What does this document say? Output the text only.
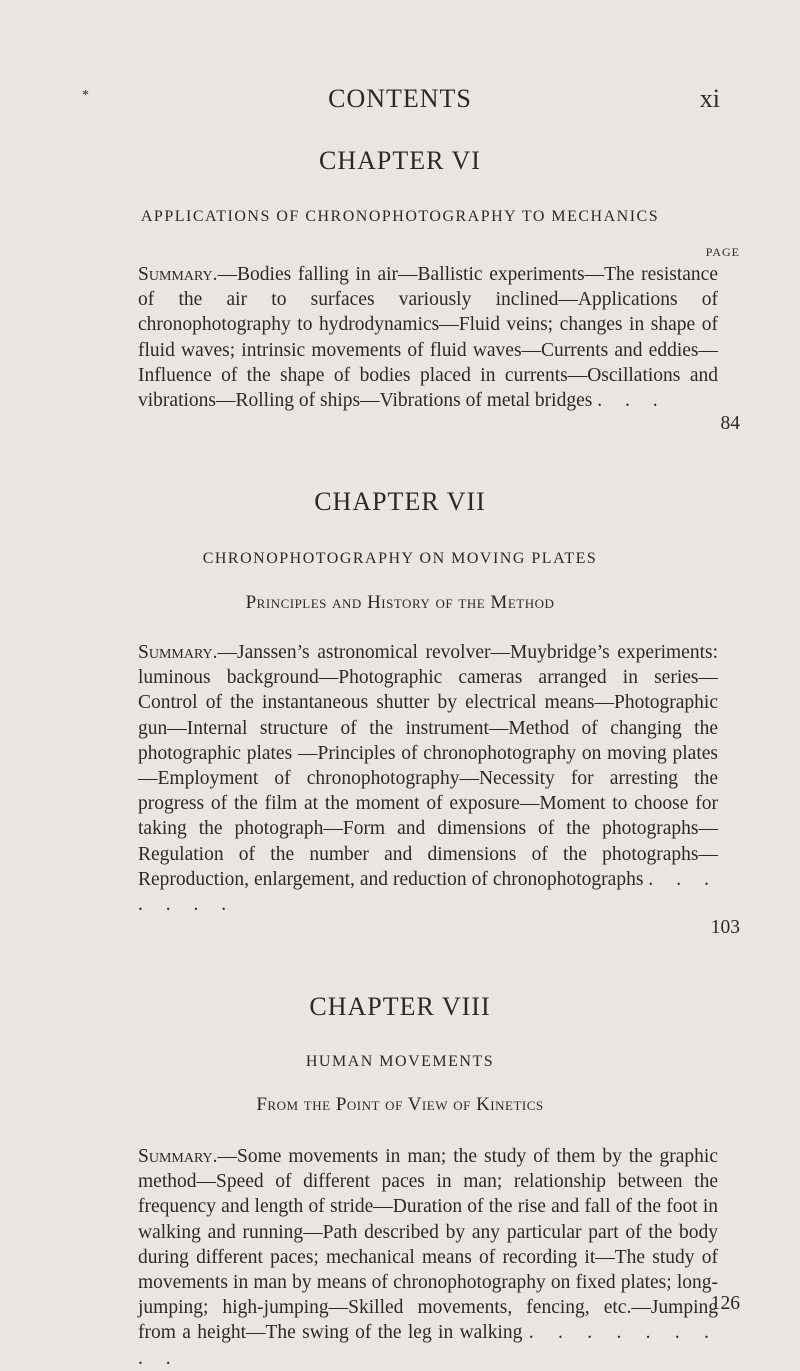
*	CONTENTS	xi
CHAPTER VI
APPLICATIONS OF CHRONOPHOTOGRAPHY TO MECHANICS
PAGE
Summary.—Bodies falling in air—Ballistic experiments—The resistance of the air to surfaces variously inclined—Applications of chronophotography to hydrodynamics—Fluid veins; changes in shape of fluid waves; intrinsic movements of fluid waves—Currents and eddies—Influence of the shape of bodies placed in currents—Oscillations and vibrations—Rolling of ships—Vibrations of metal bridges . . .
84
CHAPTER VII
CHRONOPHOTOGRAPHY ON MOVING PLATES
Principles and History of the Method
Summary.—Janssen’s astronomical revolver—Muybridge’s experiments: luminous background—Photographic cameras arranged in series—Control of the instantaneous shutter by electrical means—Photographic gun—Internal structure of the instrument—Method of changing the photographic plates —Principles of chronophotography on moving plates—Employment of chronophotography—Necessity for arresting the progress of the film at the moment of exposure—Moment to choose for taking the photograph—Form and dimensions of the photographs—Regulation of the number and dimensions of the photographs—Reproduction, enlargement, and reduction of chronophotographs . . . . . . .
103
CHAPTER VIII
HUMAN MOVEMENTS
From the Point of View of Kinetics
Summary.—Some movements in man; the study of them by the graphic method—Speed of different paces in man; relationship between the frequency and length of stride—Duration of the rise and fall of the foot in walking and running—Path described by any particular part of the body during different paces; mechanical means of recording it—The study of movements in man by means of chronophotography on fixed plates; long-jumping; high-jumping—Skilled movements, fencing, etc.—Jumping from a height—The swing of the leg in walking . . . . . . . . .
126
